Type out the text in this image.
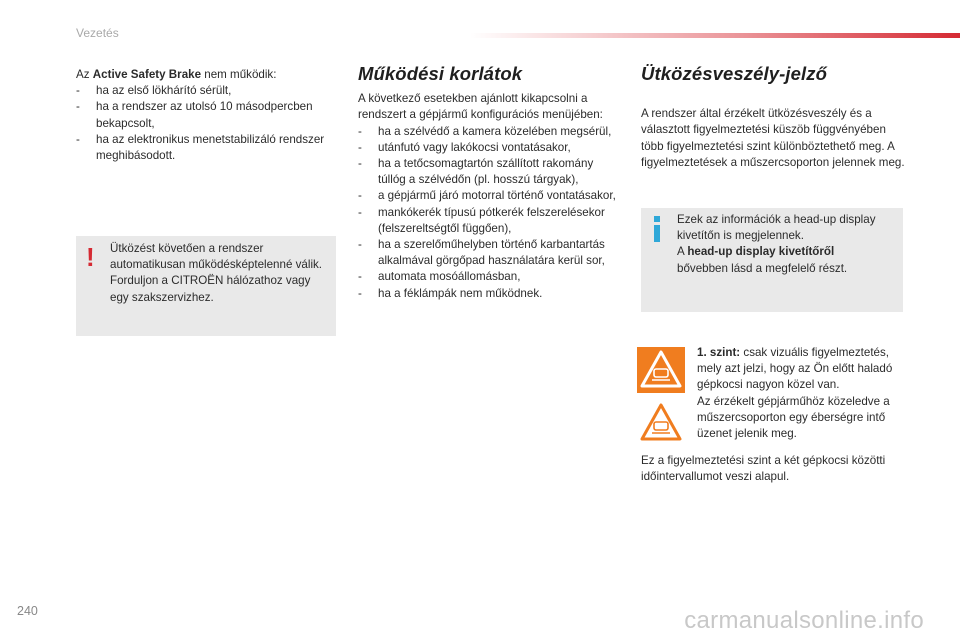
Vezetés

Az Active Safety Brake nem működik:

- ha az első lökhárító sérült,
- ha a rendszer az utolsó 10 másodpercben bekapcsolt,
- ha az elektronikus menetstabilizáló rendszer meghibásodott.
! Ütközést követően a rendszer automatikusan működésképtelenné válik. Forduljon a CITROËN hálózathoz vagy egy szakszervizhez.
Működési korlátok

A következő esetekben ajánlott kikapcsolni a rendszert a gépjármű konfigurációs menüjében:

- ha a szélvédő a kamera közelében megsérül,
- utánfutó vagy lakókocsi vontatásakor,
- ha a tetőcsomagtartón szállított rakomány túllóg a szélvédőn (pl. hosszú tárgyak),
- a gépjármű járó motorral történő vontatásakor,
- mankókerék típusú pótkerék felszerelésekor (felszereltségtől függően),
- ha a szerelőműhelyben történő karbantartás alkalmával görgőpad használatára kerül sor,
- automata mosóállomásban,
- ha a féklámpák nem működnek.
Ütközésveszély-jelző

A rendszer által érzékelt ütközésveszély és a választott figyelmeztetési küszöb függvényében több figyelmeztetési szint különböztethető meg. A figyelmeztetések a műszercsoporton jelennek meg.

Ezek az információk a head-up display kivetítőn is megjelennek.
A head-up display kivetítőről
bővebben lásd a megfelelő részt.

1. szint: csak vizuális figyelmeztetés, mely azt jelzi, hogy az Ön előtt haladó gépkocsi nagyon közel van.

Az érzékelt gépjárműhöz közeledve a műszercsoporton egy éberségre intő üzenet jelenik meg.

Ez a figyelmeztetési szint a két gépkocsi közötti időintervallumot veszi alapul.

240	carmanualsonline.info
